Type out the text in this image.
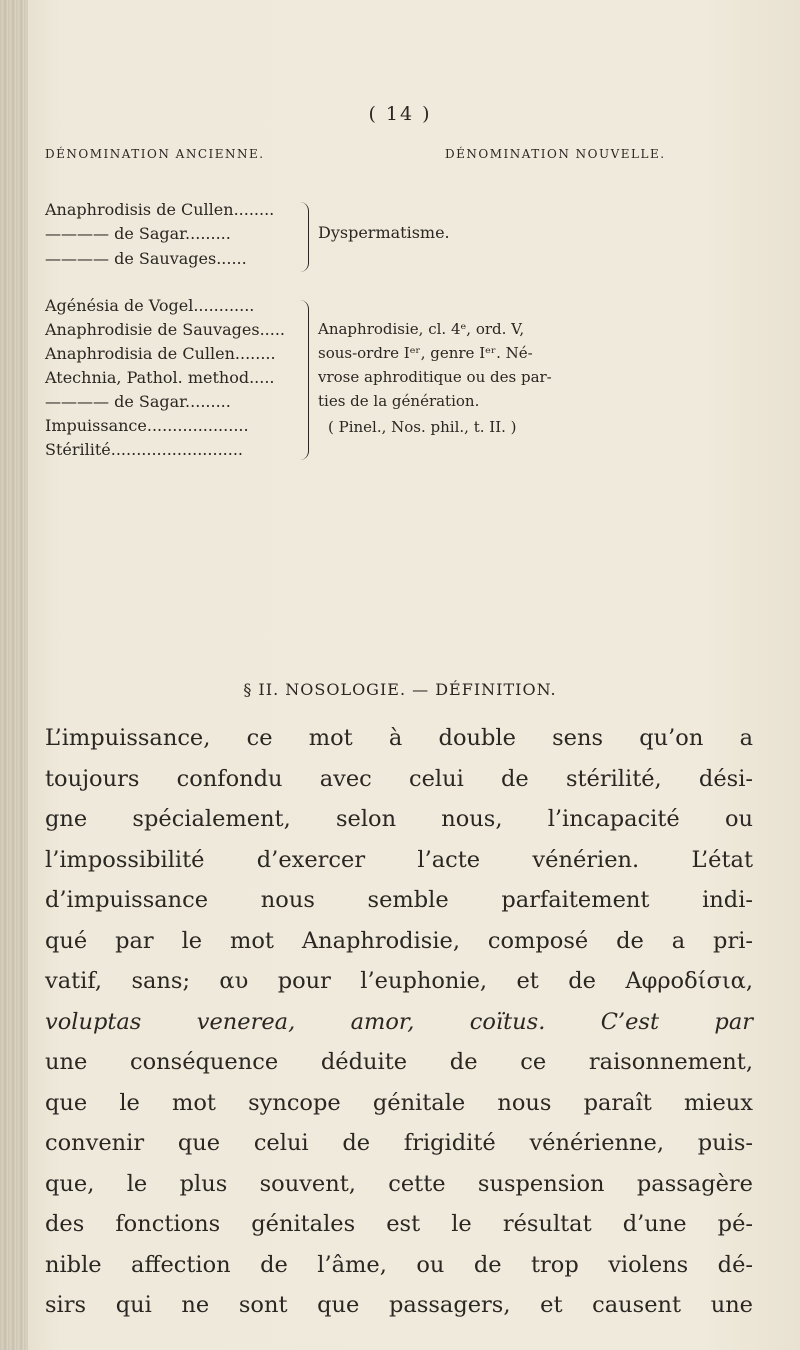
( 14 )
DÉNOMINATION ANCIENNE.	DÉNOMINATION NOUVELLE.
Anaphrodisis de Cullen........
———— de Sagar.........
———— de Sauvages......
Dyspermatisme.
Agénésia de Vogel............
Anaphrodisie de Sauvages.....
Anaphrodisia de Cullen........
Atechnia, Pathol. method.....
———— de Sagar.........
Impuissance....................
Stérilité..........................
Anaphrodisie, cl. 4ᵉ, ord. V,
sous-ordre Iᵉʳ, genre Iᵉʳ. Né-
vrose aphroditique ou des par-
ties de la génération.
( Pinel., Nos. phil., t. II. )
§ II. NOSOLOGIE. — DÉFINITION.
L’impuissance, ce mot à double sens qu’on a
toujours confondu avec celui de stérilité, dési-
gne spécialement, selon nous, l’incapacité ou
l’impossibilité d’exercer l’acte vénérien. L’état
d’impuissance nous semble parfaitement indi-
qué par le mot Anaphrodisie, composé de a pri-
vatif, sans; αυ pour l’euphonie, et de Αφροδίσια,
voluptas venerea, amor, coïtus. C’est par
une conséquence déduite de ce raisonnement,
que le mot syncope génitale nous paraît mieux
convenir que celui de frigidité vénérienne, puis-
que, le plus souvent, cette suspension passagère
des fonctions génitales est le résultat d’une pé-
nible affection de l’âme, ou de trop violens dé-
sirs qui ne sont que passagers, et causent une
